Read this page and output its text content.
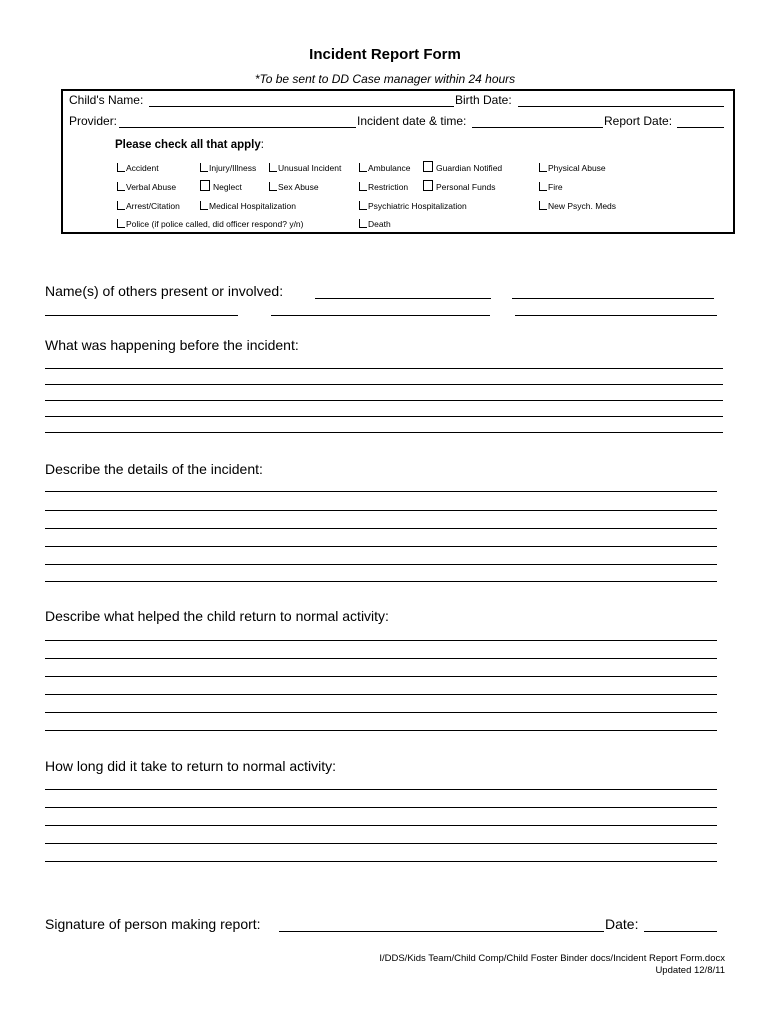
Incident Report Form
*To be sent to DD Case manager within 24 hours
Child's Name:	Birth Date:
Provider:	Incident date & time:	Report Date:
Please check all that apply:
Accident	Injury/Illness	Unusual Incident	Ambulance	Guardian Notified	Physical Abuse
Verbal Abuse	Neglect	Sex Abuse	Restriction	Personal Funds	Fire
Arrest/Citation	Medical Hospitalization	Psychiatric Hospitalization	New Psych. Meds
Police (if police called, did officer respond? y/n)	Death
Name(s) of others present or involved:
What was happening before the incident:
Describe the details of the incident:
Describe what helped the child return to normal activity:
How long did it take to return to normal activity:
Signature of person making report:	Date:
I/DDS/Kids Team/Child Comp/Child Foster Binder docs/Incident Report Form.docx
Updated 12/8/11
